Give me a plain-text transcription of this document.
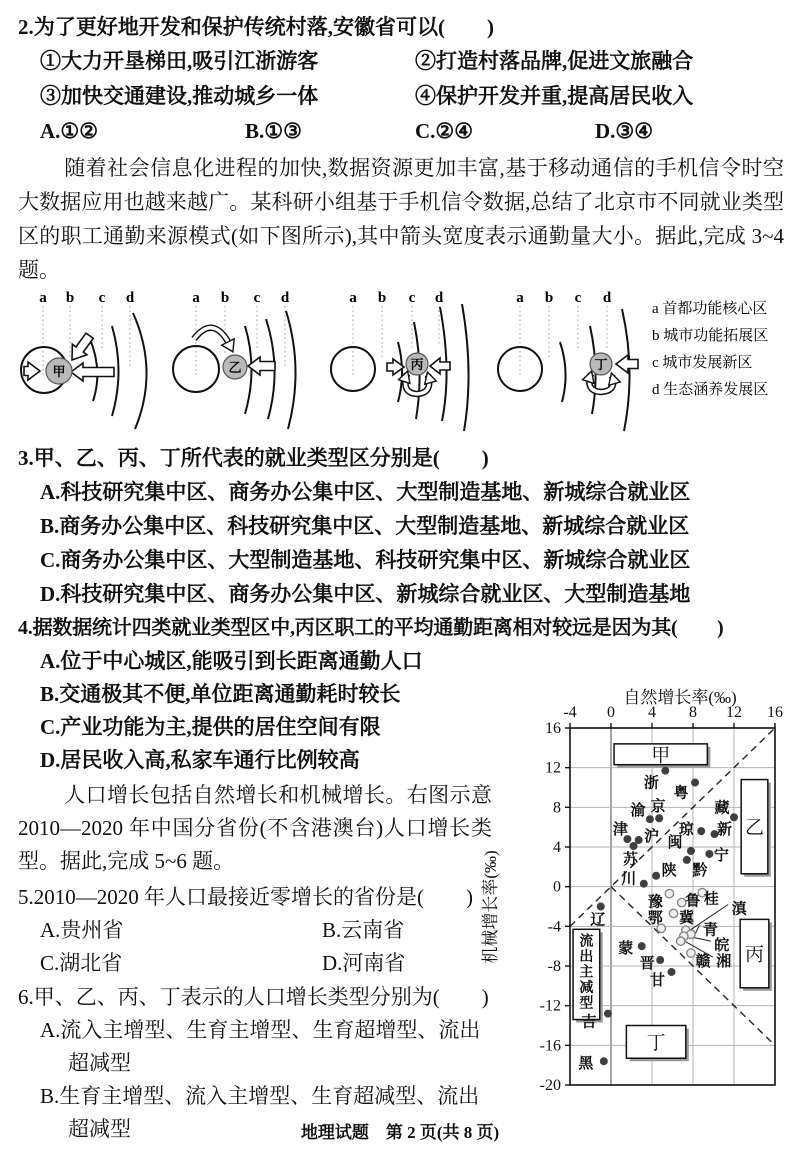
2.为了更好地开发和保护传统村落,安徽省可以(　　)
①大力开垦梯田,吸引江浙游客	②打造村落品牌,促进文旅融合
③加快交通建设,推动城乡一体	④保护开发并重,提高居民收入
A.①②	B.①③	C.②④	D.③④

随着社会信息化进程的加快,数据资源更加丰富,基于移动通信的手机信令时空大数据应用也越来越广。某科研小组基于手机信令数据,总结了北京市不同就业类型区的职工通勤来源模式(如下图所示),其中箭头宽度表示通勤量大小。据此,完成 3~4 题。

a b c d	a b c d	a b c d	a b c d
甲	乙	丙	丁
a 首都功能核心区
b 城市功能拓展区
c 城市发展新区
d 生态涵养发展区
3.甲、乙、丙、丁所代表的就业类型区分别是(　　)
A.科技研究集中区、商务办公集中区、大型制造基地、新城综合就业区
B.商务办公集中区、科技研究集中区、大型制造基地、新城综合就业区
C.商务办公集中区、大型制造基地、科技研究集中区、新城综合就业区
D.科技研究集中区、商务办公集中区、新城综合就业区、大型制造基地
4.据数据统计四类就业类型区中,丙区职工的平均通勤距离相对较远是因为其(　　)
A.位于中心城区,能吸引到长距离通勤人口
B.交通极其不便,单位距离通勤耗时较长
C.产业功能为主,提供的居住空间有限
D.居民收入高,私家车通行比例较高

人口增长包括自然增长和机械增长。右图示意 2010—2020 年中国分省份(不含港澳台)人口增长类型。据此,完成 5~6 题。

5.2010—2020 年人口最接近零增长的省份是(　　)
A.贵州省	B.云南省
C.湖北省	D.河南省
6.甲、乙、丙、丁表示的人口增长类型分别为(　　)
A.流入主增型、生育主增型、生育超增型、流出超减型
B.生育主增型、流入主增型、生育超减型、流出超减型
-4 0 4 8 12 16
16
12
8
4
0
-4
-8
-12
-16
-20
自然增长率(‰)
机械增长率(‰)
甲
乙
丙
丁
流出主减型
浙
粤
藏
渝 京
津 沪
苏
琼 新
闽
宁
黔
陕
川
辽
蒙
晋
甘
吉
黑
豫	桂
鲁
冀
鄂
滇
青
皖
湘
赣
地理试题　第 2 页(共 8 页)
